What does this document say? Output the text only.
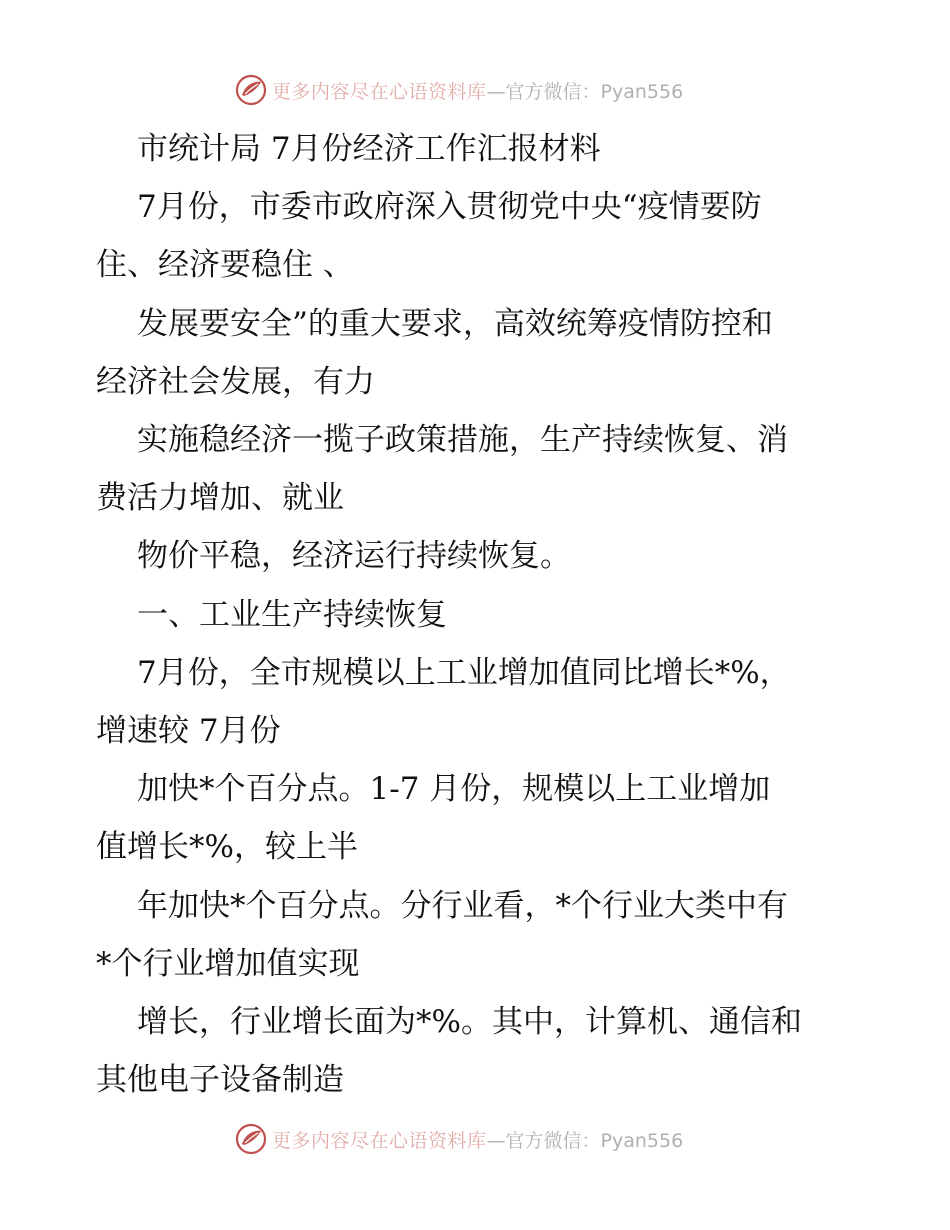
更多内容尽在心语资料库 —官方微信：Pyan556

市统计局 7月份经济工作汇报材料

7月份，市委市政府深入贯彻党中央“疫情要防

住、经济要稳住 、

发展要安全”的重大要求，高效统筹疫情防控和

经济社会发展，有力

实施稳经济一揽子政策措施，生产持续恢复、消

费活力增加、就业

物价平稳，经济运行持续恢复。

一、工业生产持续恢复

7月份，全市规模以上工业增加值同比增长*%，

增速较 7月份

加快*个百分点。1-7 月份，规模以上工业增加

值增长*%，较上半

年加快*个百分点。分行业看，*个行业大类中有

*个行业增加值实现

增长，行业增长面为*%。其中，计算机、通信和

其他电子设备制造

更多内容尽在心语资料库 —官方微信：Pyan556
